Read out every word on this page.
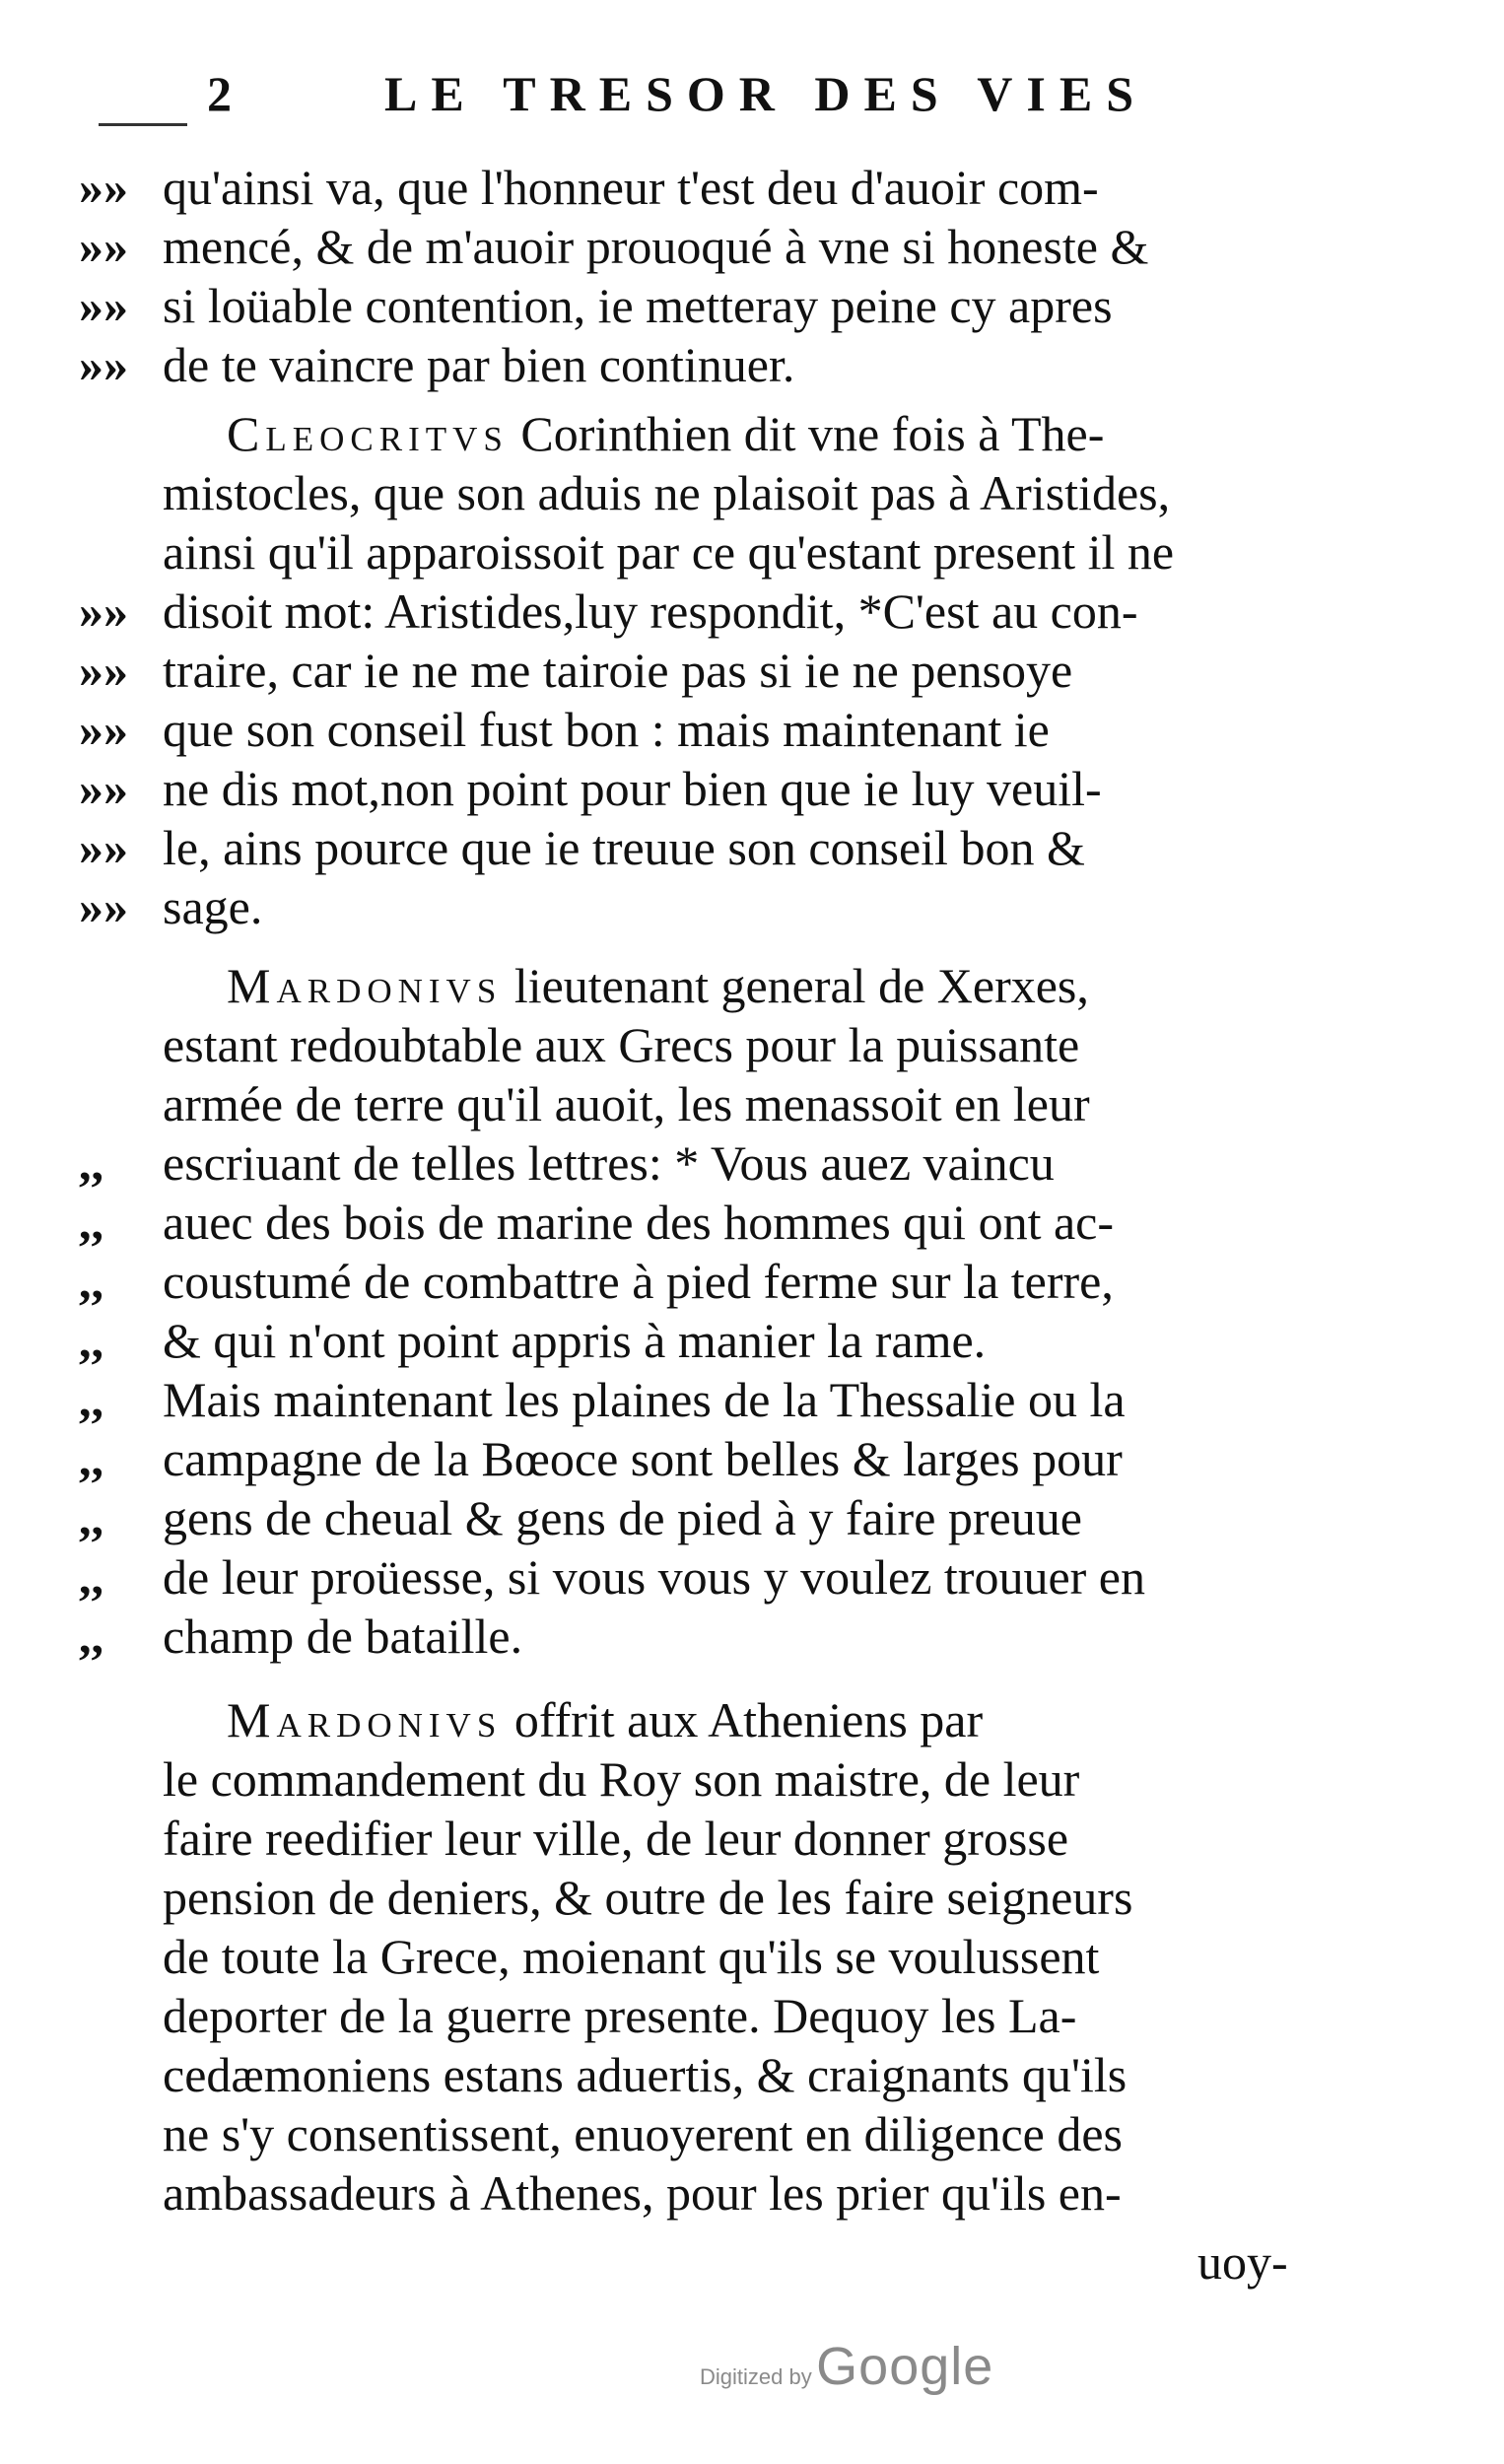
2	LE TRESOR DES VIES
»» qu'ainsi va, que l'honneur t'est deu d'auoir com-
»» mencé, & de m'auoir prouoqué à vne si honeste &
»» si loüable contention, ie metteray peine cy apres
»» de te vaincre par bien continuer.
Cleocritvs Corinthien dit vne fois à The-
mistocles, que son aduis ne plaisoit pas à Aristides,
ainsi qu'il apparoissoit par ce qu'estant present il ne
»» disoit mot: Aristides,luy respondit, *C'est au con-
»» traire, car ie ne me tairoie pas si ie ne pensoye
»» que son conseil fust bon : mais maintenant ie
»» ne dis mot,non point pour bien que ie luy veuil-
»» le, ains pource que ie treuue son conseil bon &
»» sage.
Mardonivs lieutenant general de Xerxes,
estant redoubtable aux Grecs pour la puissante
armée de terre qu'il auoit, les menassoit en leur
,, escriuant de telles lettres: * Vous auez vaincu
,, auec des bois de marine des hommes qui ont ac-
,, coustumé de combattre à pied ferme sur la terre,
,, & qui n'ont point appris à manier la rame.
,, Mais maintenant les plaines de la Thessalie ou la
,, campagne de la Bœoce sont belles & larges pour
,, gens de cheual & gens de pied à y faire preuue
,, de leur proüesse, si vous vous y voulez trouuer en
,, champ de bataille.
Mardonivs offrit aux Atheniens par
le commandement du Roy son maistre, de leur
faire reedifier leur ville, de leur donner grosse
pension de deniers, & outre de les faire seigneurs
de toute la Grece, moienant qu'ils se voulussent
deporter de la guerre presente. Dequoy les La-
cedæmoniens estans aduertis, & craignants qu'ils
ne s'y consentissent, enuoyerent en diligence des
ambassadeurs à Athenes, pour les prier qu'ils en-
uoy-
Digitized by Google
